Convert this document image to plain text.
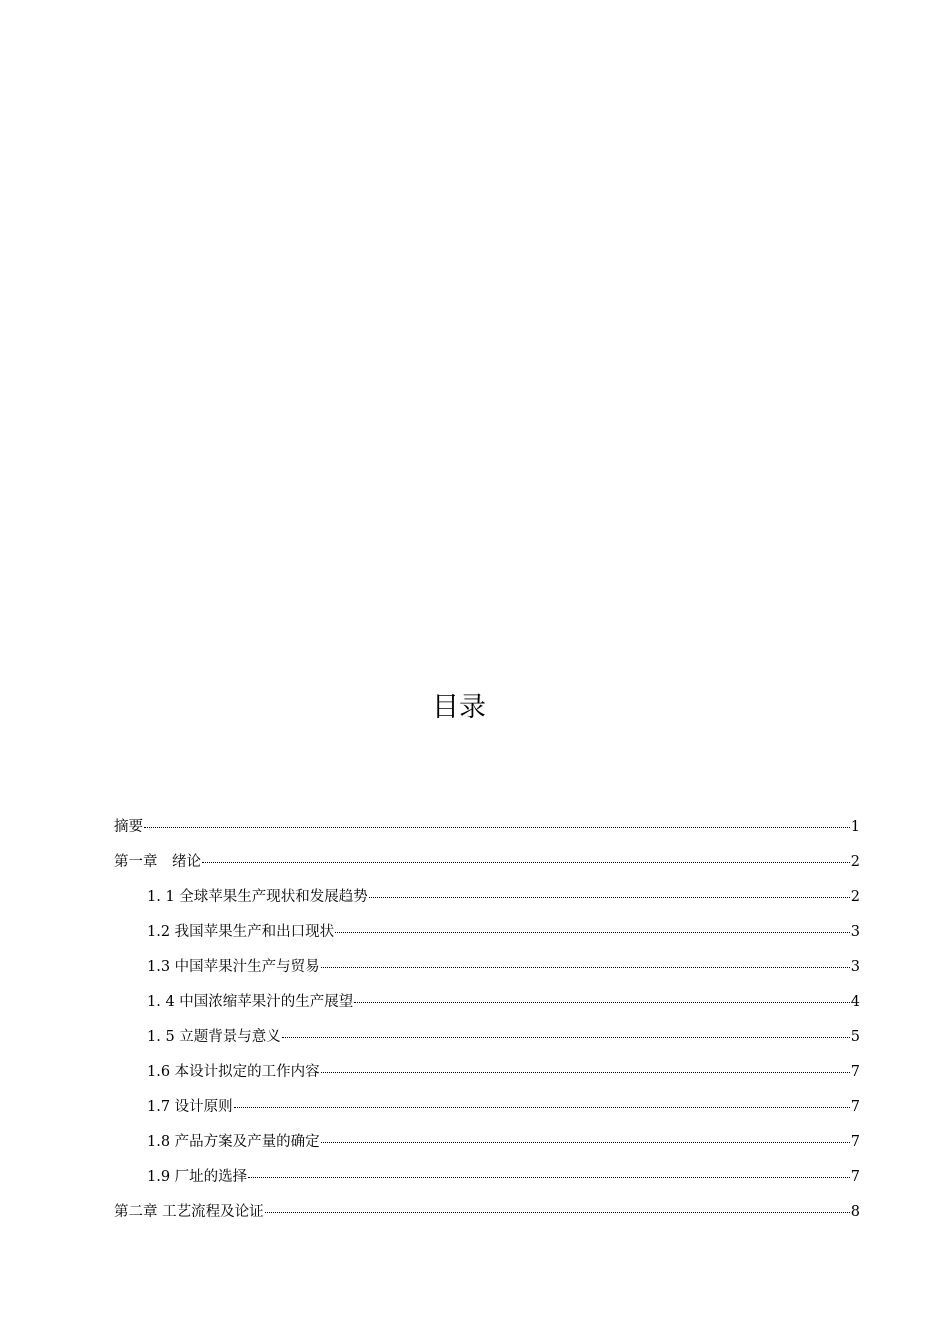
目录
摘要	1
第一章　绪论	2
1. 1 全球苹果生产现状和发展趋势	2
1.2 我国苹果生产和出口现状	3
1.3 中国苹果汁生产与贸易	3
1. 4 中国浓缩苹果汁的生产展望	4
1. 5 立题背景与意义	5
1.6 本设计拟定的工作内容	7
1.7 设计原则	7
1.8 产品方案及产量的确定	7
1.9 厂址的选择	7
第二章 工艺流程及论证	8
